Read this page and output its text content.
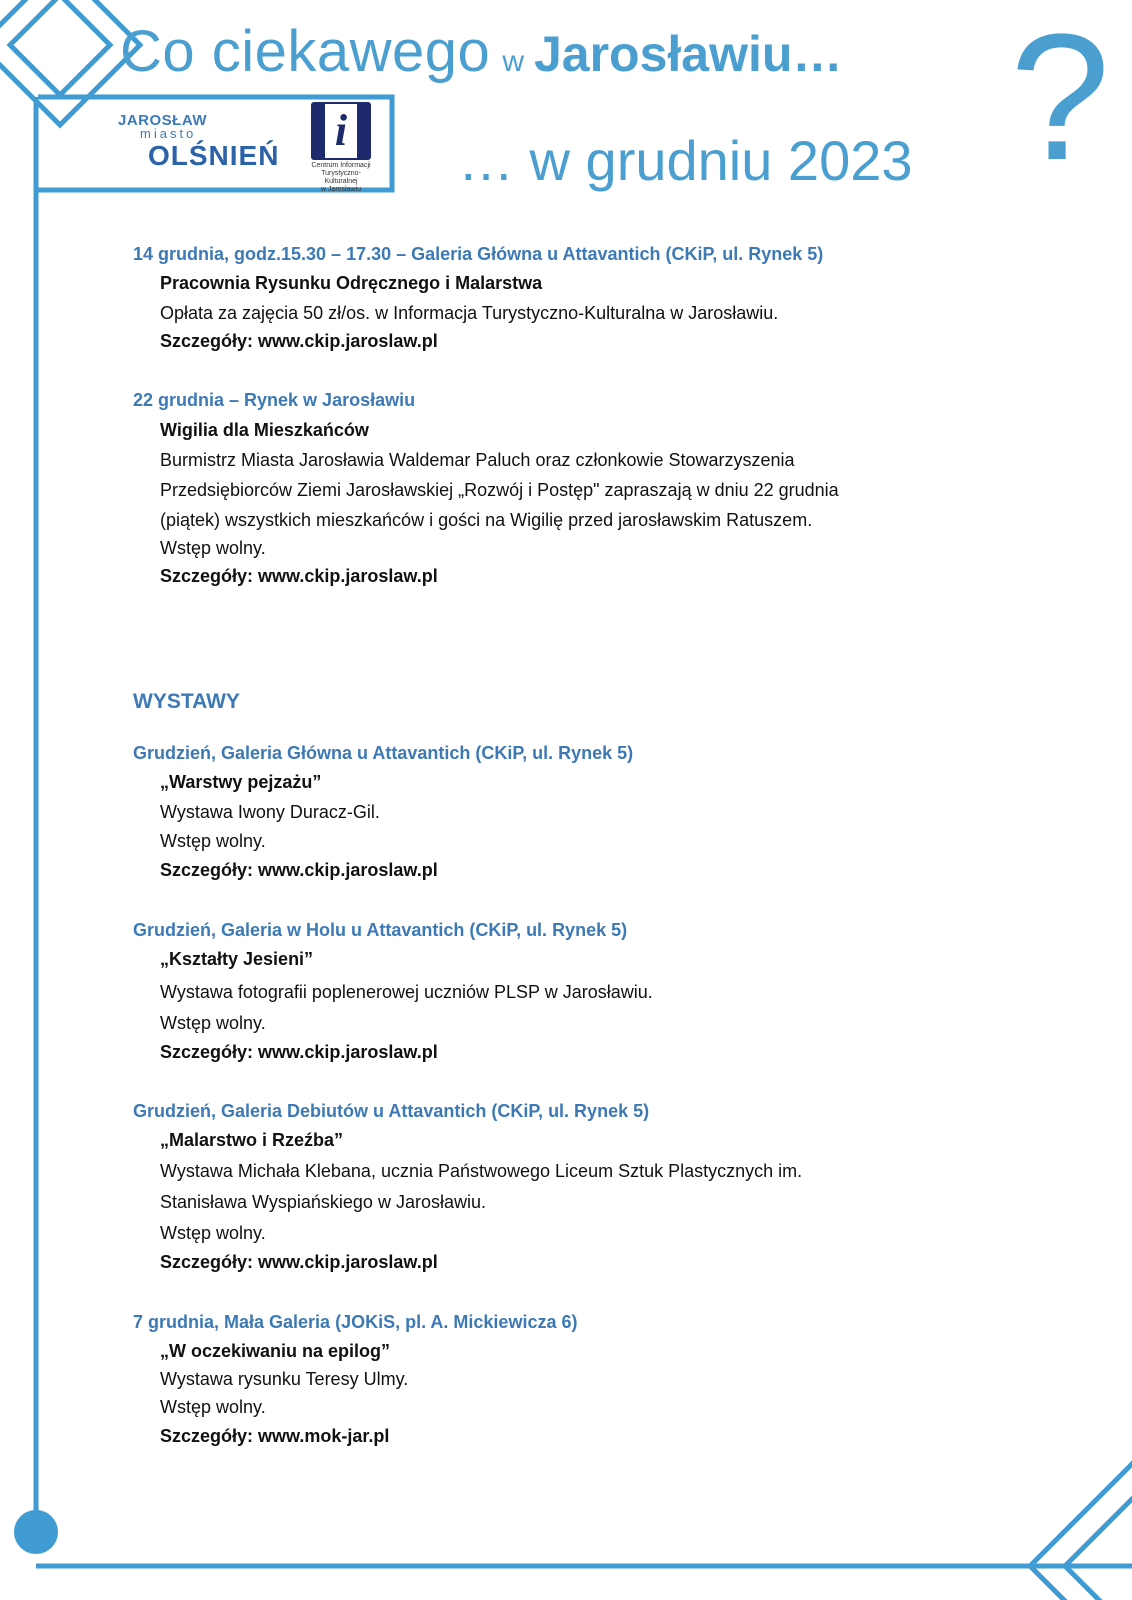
Co ciekawego w Jarosławiu…
… w grudniu 2023 ?
JAROSŁAW
miasto
OLŚNIEŃ
i
Centrum Informacji
Turystyczno-Kulturalnej
w Jarosławiu
14 grudnia, godz.15.30 – 17.30 – Galeria Główna u Attavantich (CKiP, ul. Rynek 5)
Pracownia Rysunku Odręcznego i Malarstwa
Opłata za zajęcia 50 zł/os. w Informacja Turystyczno-Kulturalna w Jarosławiu.
Szczegóły: www.ckip.jaroslaw.pl
22 grudnia – Rynek w Jarosławiu
Wigilia dla Mieszkańców
Burmistrz Miasta Jarosławia Waldemar Paluch oraz członkowie Stowarzyszenia
Przedsiębiorców Ziemi Jarosławskiej „Rozwój i Postęp" zapraszają w dniu 22 grudnia
(piątek) wszystkich mieszkańców i gości na Wigilię przed jarosławskim Ratuszem.
Wstęp wolny.
Szczegóły: www.ckip.jaroslaw.pl
WYSTAWY
Grudzień, Galeria Główna u Attavantich (CKiP, ul. Rynek 5)
„Warstwy pejzażu”
Wystawa Iwony Duracz-Gil.
Wstęp wolny.
Szczegóły: www.ckip.jaroslaw.pl
Grudzień, Galeria w Holu u Attavantich (CKiP, ul. Rynek 5)
„Kształty Jesieni”
Wystawa fotografii poplenerowej uczniów PLSP w Jarosławiu.
Wstęp wolny.
Szczegóły: www.ckip.jaroslaw.pl
Grudzień, Galeria Debiutów u Attavantich (CKiP, ul. Rynek 5)
„Malarstwo i Rzeźba”
Wystawa Michała Klebana, ucznia Państwowego Liceum Sztuk Plastycznych im.
Stanisława Wyspiańskiego w Jarosławiu.
Wstęp wolny.
Szczegóły: www.ckip.jaroslaw.pl
7 grudnia, Mała Galeria (JOKiS, pl. A. Mickiewicza 6)
„W oczekiwaniu na epilog”
Wystawa rysunku Teresy Ulmy.
Wstęp wolny.
Szczegóły: www.mok-jar.pl
